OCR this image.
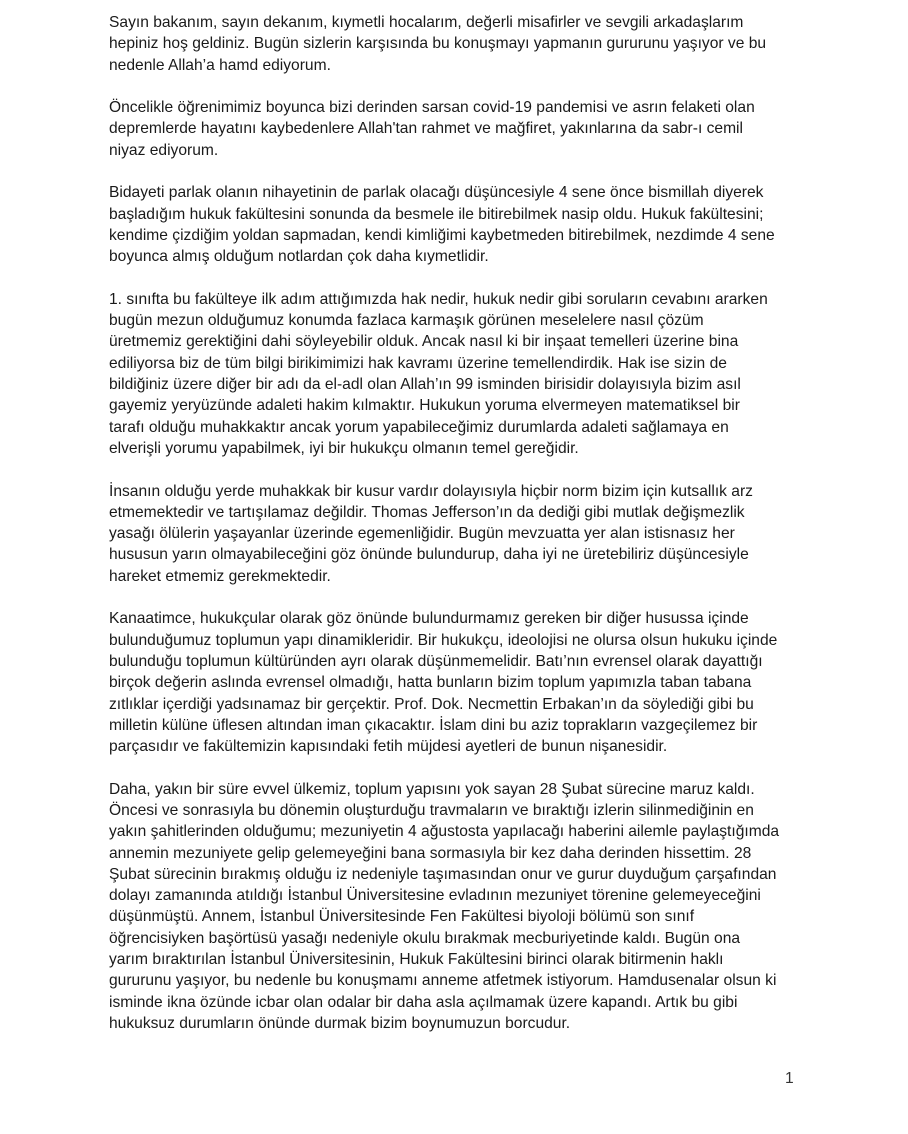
Sayın bakanım, sayın dekanım, kıymetli hocalarım, değerli misafirler ve sevgili arkadaşlarım
hepiniz hoş geldiniz. Bugün sizlerin karşısında bu konuşmayı yapmanın gururunu yaşıyor ve bu
nedenle Allah’a hamd ediyorum.

Öncelikle öğrenimimiz boyunca bizi derinden sarsan covid-19 pandemisi ve asrın felaketi olan
depremlerde hayatını kaybedenlere Allah'tan rahmet ve mağfiret, yakınlarına da sabr-ı cemil
niyaz ediyorum.

Bidayeti parlak olanın nihayetinin de parlak olacağı düşüncesiyle 4 sene önce bismillah diyerek
başladığım hukuk fakültesini sonunda da besmele ile bitirebilmek nasip oldu. Hukuk fakültesini;
kendime çizdiğim yoldan sapmadan, kendi kimliğimi kaybetmeden bitirebilmek, nezdimde 4 sene
boyunca almış olduğum notlardan çok daha kıymetlidir.

1. sınıfta bu fakülteye ilk adım attığımızda hak nedir, hukuk nedir gibi soruların cevabını ararken
bugün mezun olduğumuz konumda fazlaca karmaşık görünen meselelere nasıl çözüm
üretmemiz gerektiğini dahi söyleyebilir olduk. Ancak nasıl ki bir inşaat temelleri üzerine bina
ediliyorsa biz de tüm bilgi birikimimizi hak kavramı üzerine temellendirdik. Hak ise sizin de
bildiğiniz üzere diğer bir adı da el-adl olan Allah’ın 99 isminden birisidir dolayısıyla bizim asıl
gayemiz yeryüzünde adaleti hakim kılmaktır. Hukukun yoruma elvermeyen matematiksel bir
tarafı olduğu muhakkaktır ancak yorum yapabileceğimiz durumlarda adaleti sağlamaya en
elverişli yorumu yapabilmek, iyi bir hukukçu olmanın temel gereğidir.

İnsanın olduğu yerde muhakkak bir kusur vardır dolayısıyla hiçbir norm bizim için kutsallık arz
etmemektedir ve tartışılamaz değildir. Thomas Jefferson’ın da dediği gibi mutlak değişmezlik
yasağı ölülerin yaşayanlar üzerinde egemenliğidir. Bugün mevzuatta yer alan istisnasız her
hususun yarın olmayabileceğini göz önünde bulundurup, daha iyi ne üretebiliriz düşüncesiyle
hareket etmemiz gerekmektedir.

Kanaatimce, hukukçular olarak göz önünde bulundurmamız gereken bir diğer husussa içinde
bulunduğumuz toplumun yapı dinamikleridir. Bir hukukçu, ideolojisi ne olursa olsun hukuku içinde
bulunduğu toplumun kültüründen ayrı olarak düşünmemelidir. Batı’nın evrensel olarak dayattığı
birçok değerin aslında evrensel olmadığı, hatta bunların bizim toplum yapımızla taban tabana
zıtlıklar içerdiği yadsınamaz bir gerçektir. Prof. Dok. Necmettin Erbakan’ın da söylediği gibi bu
milletin külüne üflesen altından iman çıkacaktır. İslam dini bu aziz toprakların vazgeçilemez bir
parçasıdır ve fakültemizin kapısındaki fetih müjdesi ayetleri de bunun nişanesidir.

Daha, yakın bir süre evvel ülkemiz, toplum yapısını yok sayan 28 Şubat sürecine maruz kaldı.
Öncesi ve sonrasıyla bu dönemin oluşturduğu travmaların ve bıraktığı izlerin silinmediğinin en
yakın şahitlerinden olduğumu; mezuniyetin 4 ağustosta yapılacağı haberini ailemle paylaştığımda
annemin mezuniyete gelip gelemeyeğini bana sormasıyla bir kez daha derinden hissettim. 28
Şubat sürecinin bırakmış olduğu iz nedeniyle taşımasından onur ve gurur duyduğum çarşafından
dolayı zamanında atıldığı İstanbul Üniversitesine evladının mezuniyet törenine gelemeyeceğini
düşünmüştü. Annem, İstanbul Üniversitesinde Fen Fakültesi biyoloji bölümü son sınıf
öğrencisiyken başörtüsü yasağı nedeniyle okulu bırakmak mecburiyetinde kaldı. Bugün ona
yarım bıraktırılan İstanbul Üniversitesinin, Hukuk Fakültesini birinci olarak bitirmenin haklı
gururunu yaşıyor, bu nedenle bu konuşmamı anneme atfetmek istiyorum. Hamdusenalar olsun ki
isminde ikna özünde icbar olan odalar bir daha asla açılmamak üzere kapandı. Artık bu gibi
hukuksuz durumların önünde durmak bizim boynumuzun borcudur.

1
